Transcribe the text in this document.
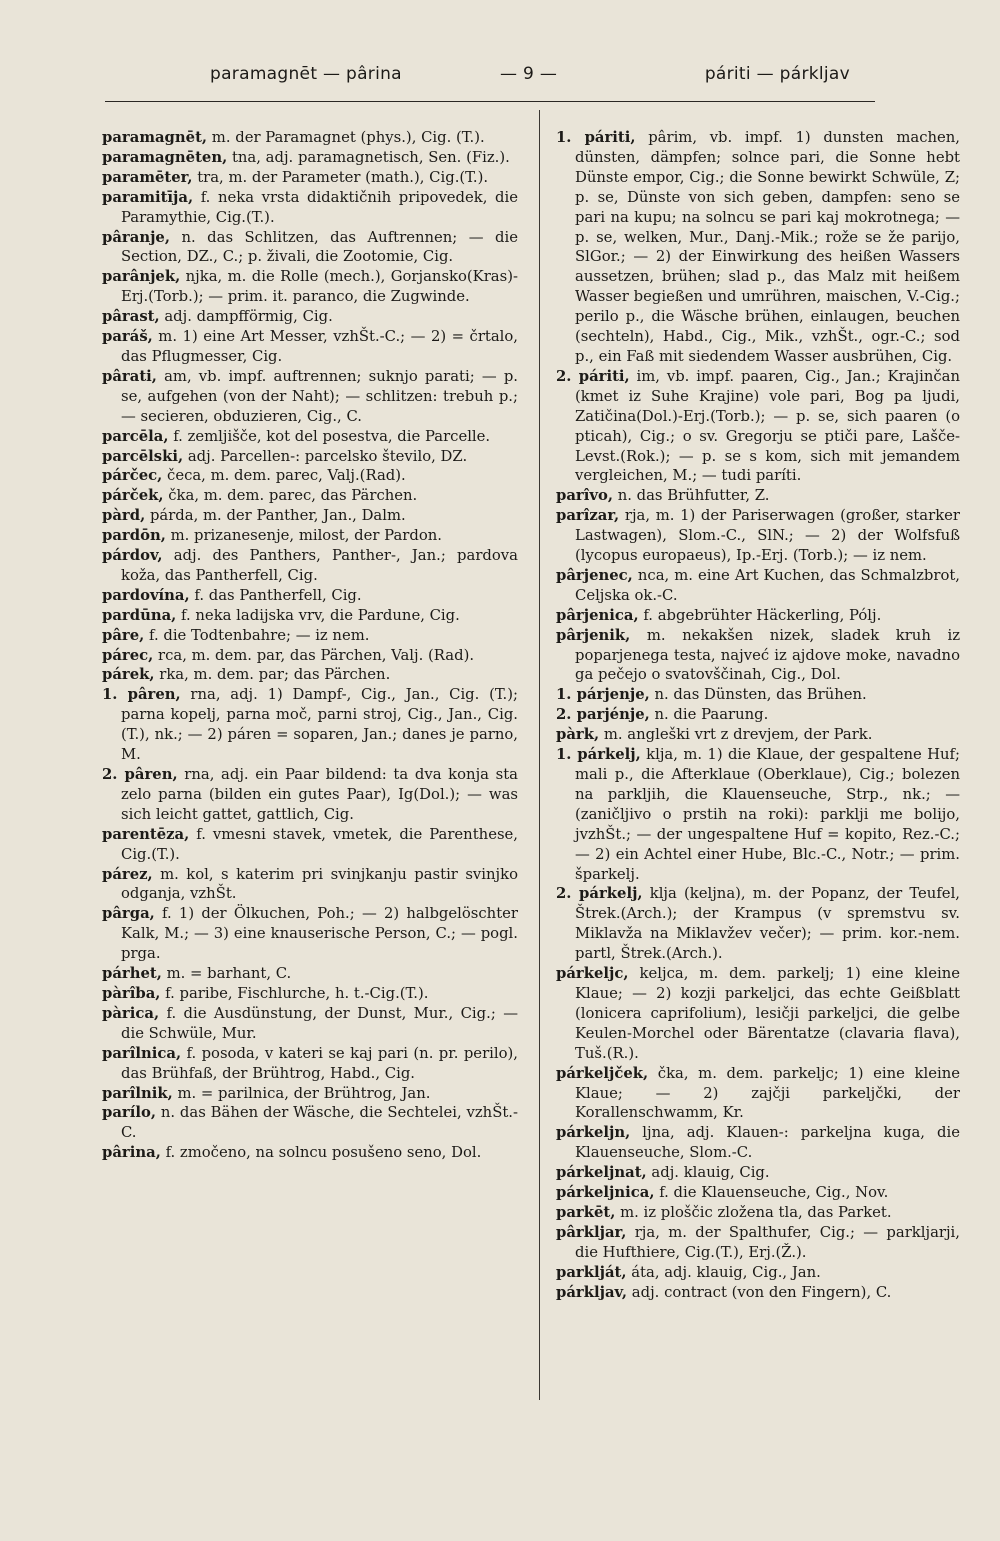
paramagnēt — pârina	— 9 —	páriti — párkljav

paramagnēt, m. der Paramagnet (phys.), Cig. (T.).

paramagnēten, tna, adj. paramagnetisch, Sen. (Fiz.).

paramēter, tra, m. der Parameter (math.), Cig.(T.).

paramitīja, f. neka vrsta didaktičnih pripovedek, die Paramythie, Cig.(T.).

pâranje, n. das Schlitzen, das Auftrennen; — die Section, DZ., C.; p. živali, die Zootomie, Cig.

parânjek, njka, m. die Rolle (mech.), Gorjansko(Kras)-Erj.(Torb.); — prim. it. paranco, die Zugwinde.

pârast, adj. dampfförmig, Cig.

paráš, m. 1) eine Art Messer, vzhŠt.-C.; — 2) = črtalo, das Pflugmesser, Cig.

pârati, am, vb. impf. auftrennen; suknjo parati; — p. se, aufgehen (von der Naht); — schlitzen: trebuh p.; — secieren, obduzieren, Cig., C.

parcēla, f. zemljišče, kot del posestva, die Parcelle.

parcēlski, adj. Parcellen-: parcelsko število, DZ.

párčec, čeca, m. dem. parec, Valj.(Rad).

párček, čka, m. dem. parec, das Pärchen.

pàrd, párda, m. der Panther, Jan., Dalm.

pardōn, m. prizanesenje, milost, der Pardon.

párdov, adj. des Panthers, Panther-, Jan.; pardova koža, das Pantherfell, Cig.

pardovína, f. das Pantherfell, Cig.

pardūna, f. neka ladijska vrv, die Pardune, Cig.

pâre, f. die Todtenbahre; — iz nem.

párec, rca, m. dem. par, das Pärchen, Valj. (Rad).

párek, rka, m. dem. par; das Pärchen.

1. pâren, rna, adj. 1) Dampf-, Cig., Jan., Cig. (T.); parna kopelj, parna moč, parni stroj, Cig., Jan., Cig.(T.), nk.; — 2) páren = soparen, Jan.; danes je parno, M.

2. pâren, rna, adj. ein Paar bildend: ta dva konja sta zelo parna (bilden ein gutes Paar), Ig(Dol.); — was sich leicht gattet, gattlich, Cig.

parentēza, f. vmesni stavek, vmetek, die Parenthese, Cig.(T.).

párez, m. kol, s katerim pri svinjkanju pastir svinjko odganja, vzhŠt.

pârga, f. 1) der Ölkuchen, Poh.; — 2) halbgelöschter Kalk, M.; — 3) eine knauserische Person, C.; — pogl. prga.

párhet, m. = barhant, C.

pàrîba, f. paribe, Fischlurche, h. t.-Cig.(T.).

pàrica, f. die Ausdünstung, der Dunst, Mur., Cig.; — die Schwüle, Mur.

parîlnica, f. posoda, v kateri se kaj pari (n. pr. perilo), das Brühfaß, der Brühtrog, Habd., Cig.

parîlnik, m. = parilnica, der Brühtrog, Jan.

parílo, n. das Bähen der Wäsche, die Sechtelei, vzhŠt.-C.

pârina, f. zmočeno, na solncu posušeno seno, Dol.

1. páriti, pârim, vb. impf. 1) dunsten machen, dünsten, dämpfen; solnce pari, die Sonne hebt Dünste empor, Cig.; die Sonne bewirkt Schwüle, Z; p. se, Dünste von sich geben, dampfen: seno se pari na kupu; na solncu se pari kaj mokrotnega; — p. se, welken, Mur., Danj.-Mik.; rože se že parijo, SlGor.; — 2) der Einwirkung des heißen Wassers aussetzen, brühen; slad p., das Malz mit heißem Wasser begießen und umrühren, maischen, V.-Cig.; perilo p., die Wäsche brühen, einlaugen, beuchen (sechteln), Habd., Cig., Mik., vzhŠt., ogr.-C.; sod p., ein Faß mit siedendem Wasser ausbrühen, Cig.

2. páriti, im, vb. impf. paaren, Cig., Jan.; Krajinčan (kmet iz Suhe Krajine) vole pari, Bog pa ljudi, Zatičina(Dol.)-Erj.(Torb.); — p. se, sich paaren (o pticah), Cig.; o sv. Gregorju se ptiči pare, Lašče-Levst.(Rok.); — p. se s kom, sich mit jemandem vergleichen, M.; — tudi paríti.

parîvo, n. das Brühfutter, Z.

parîzar, rja, m. 1) der Pariserwagen (großer, starker Lastwagen), Slom.-C., SlN.; — 2) der Wolfsfuß (lycopus europaeus), Ip.-Erj. (Torb.); — iz nem.

pârjenec, nca, m. eine Art Kuchen, das Schmalzbrot, Celjska ok.-C.

pârjenica, f. abgebrühter Häckerling, Pólj.

pârjenik, m. nekakšen nizek, sladek kruh iz poparjenega testa, najveć iz ajdove moke, navadno ga pečejo o svatovščinah, Cig., Dol.

1. párjenje, n. das Dünsten, das Brühen.

2. parjénje, n. die Paarung.

pàrk, m. angleški vrt z drevjem, der Park.

1. párkelj, klja, m. 1) die Klaue, der gespaltene Huf; mali p., die Afterklaue (Oberklaue), Cig.; bolezen na parkljih, die Klauenseuche, Strp., nk.; — (zaničljivo o prstih na roki): parklji me bolijo, jvzhŠt.; — der ungespaltene Huf = kopito, Rez.-C.; — 2) ein Achtel einer Hube, Blc.-C., Notr.; — prim. šparkelj.

2. párkelj, klja (keljna), m. der Popanz, der Teufel, Štrek.(Arch.); der Krampus (v spremstvu sv. Miklavža na Miklavžev večer); — prim. kor.-nem. partl, Štrek.(Arch.).

párkeljc, keljca, m. dem. parkelj; 1) eine kleine Klaue; — 2) kozji parkeljci, das echte Geißblatt (lonicera caprifolium), lesičji parkeljci, die gelbe Keulen-Morchel oder Bärentatze (clavaria flava), Tuš.(R.).

párkeljček, čka, m. dem. parkeljc; 1) eine kleine Klaue; — 2) zajčji parkeljčki, der Korallenschwamm, Kr.

párkeljn, ljna, adj. Klauen-: parkeljna kuga, die Klauenseuche, Slom.-C.

párkeljnat, adj. klauig, Cig.

párkeljnica, f. die Klauenseuche, Cig., Nov.

parkēt, m. iz ploščic zložena tla, das Parket.

pârkljar, rja, m. der Spalthufer, Cig.; — parkljarji, die Hufthiere, Cig.(T.), Erj.(Ž.).

parklját, áta, adj. klauig, Cig., Jan.

párkljav, adj. contract (von den Fingern), C.
